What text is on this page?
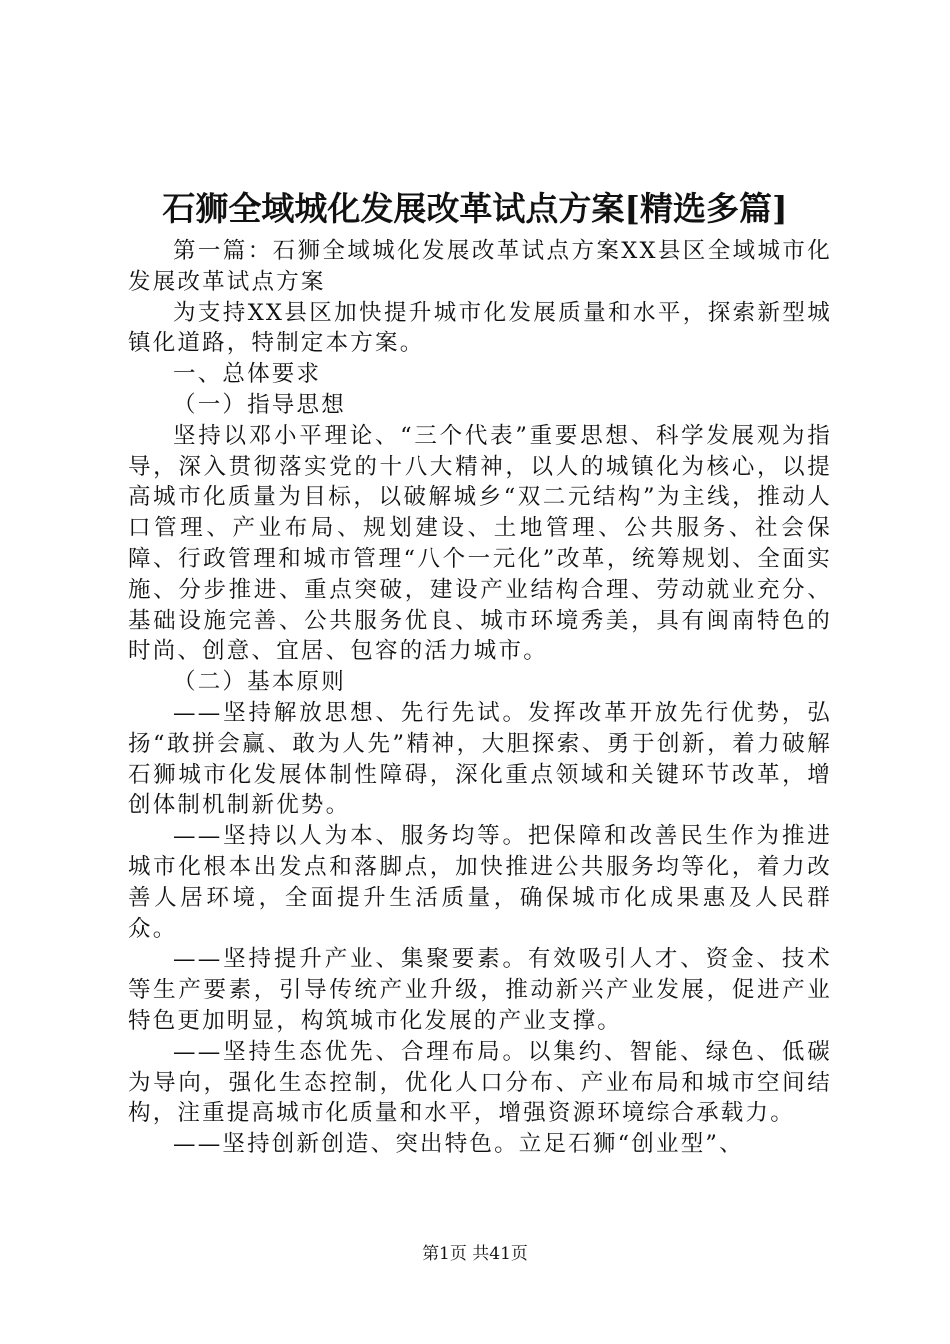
石狮全域城化发展改革试点方案[精选多篇]

第一篇：石狮全域城化发展改革试点方案XX县区全域城市化发展改革试点方案

为支持XX县区加快提升城市化发展质量和水平，探索新型城镇化道路，特制定本方案。

一、总体要求

（一）指导思想

坚持以邓小平理论、“三个代表”重要思想、科学发展观为指导，深入贯彻落实党的十八大精神，以人的城镇化为核心，以提高城市化质量为目标，以破解城乡“双二元结构”为主线，推动人口管理、产业布局、规划建设、土地管理、公共服务、社会保障、行政管理和城市管理“八个一元化”改革，统筹规划、全面实施、分步推进、重点突破，建设产业结构合理、劳动就业充分、基础设施完善、公共服务优良、城市环境秀美，具有闽南特色的时尚、创意、宜居、包容的活力城市。

（二）基本原则

——坚持解放思想、先行先试。发挥改革开放先行优势，弘扬“敢拼会赢、敢为人先”精神，大胆探索、勇于创新，着力破解石狮城市化发展体制性障碍，深化重点领域和关键环节改革，增创体制机制新优势。

——坚持以人为本、服务均等。把保障和改善民生作为推进城市化根本出发点和落脚点，加快推进公共服务均等化，着力改善人居环境，全面提升生活质量，确保城市化成果惠及人民群众。

——坚持提升产业、集聚要素。有效吸引人才、资金、技术等生产要素，引导传统产业升级，推动新兴产业发展，促进产业特色更加明显，构筑城市化发展的产业支撑。

——坚持生态优先、合理布局。以集约、智能、绿色、低碳为导向，强化生态控制，优化人口分布、产业布局和城市空间结构，注重提高城市化质量和水平，增强资源环境综合承载力。

——坚持创新创造、突出特色。立足石狮“创业型”、

第1页 共41页
